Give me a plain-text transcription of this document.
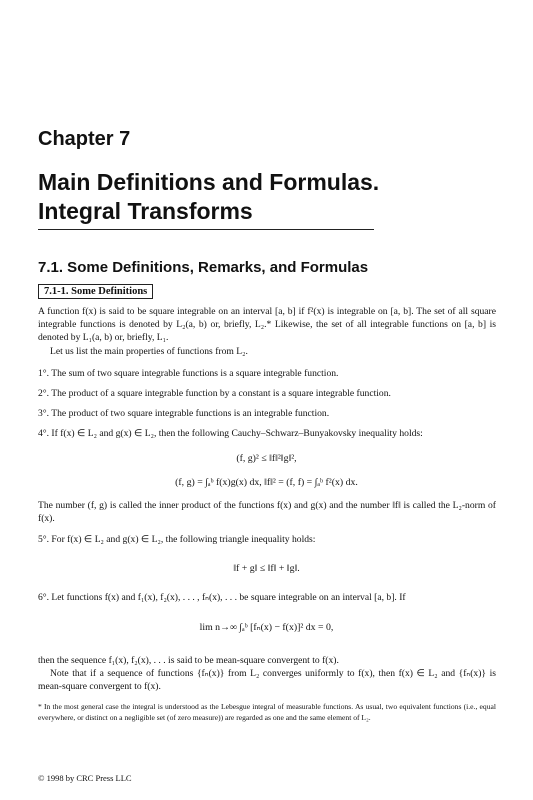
Chapter 7
Main Definitions and Formulas.
Integral Transforms
7.1. Some Definitions, Remarks, and Formulas
7.1-1. Some Definitions
A function f(x) is said to be square integrable on an interval [a, b] if f²(x) is integrable on [a, b]. The set of all square integrable functions is denoted by L₂(a, b) or, briefly, L₂.* Likewise, the set of all integrable functions on [a, b] is denoted by L₁(a, b) or, briefly, L₁.
Let us list the main properties of functions from L₂.
1°. The sum of two square integrable functions is a square integrable function.
2°. The product of a square integrable function by a constant is a square integrable function.
3°. The product of two square integrable functions is an integrable function.
4°. If f(x) ∈ L₂ and g(x) ∈ L₂, then the following Cauchy–Schwarz–Bunyakovsky inequality holds:
(f, g)² ≤ ‖f‖²‖g‖²,
(f, g) = ∫ₐᵇ f(x)g(x) dx, ‖f‖² = (f, f) = ∫ₐᵇ f²(x) dx.
The number (f, g) is called the inner product of the functions f(x) and g(x) and the number ‖f‖ is called the L₂-norm of f(x).
5°. For f(x) ∈ L₂ and g(x) ∈ L₂, the following triangle inequality holds:
‖f + g‖ ≤ ‖f‖ + ‖g‖.
6°. Let functions f(x) and f₁(x), f₂(x), . . . , fₙ(x), . . . be square integrable on an interval [a, b]. If
lim n→∞ ∫ₐᵇ [fₙ(x) − f(x)]² dx = 0,
then the sequence f₁(x), f₂(x), . . . is said to be mean-square convergent to f(x).
Note that if a sequence of functions {fₙ(x)} from L₂ converges uniformly to f(x), then f(x) ∈ L₂ and {fₙ(x)} is mean-square convergent to f(x).
* In the most general case the integral is understood as the Lebesgue integral of measurable functions. As usual, two equivalent functions (i.e., equal everywhere, or distinct on a negligible set (of zero measure)) are regarded as one and the same element of L₂.
© 1998 by CRC Press LLC
